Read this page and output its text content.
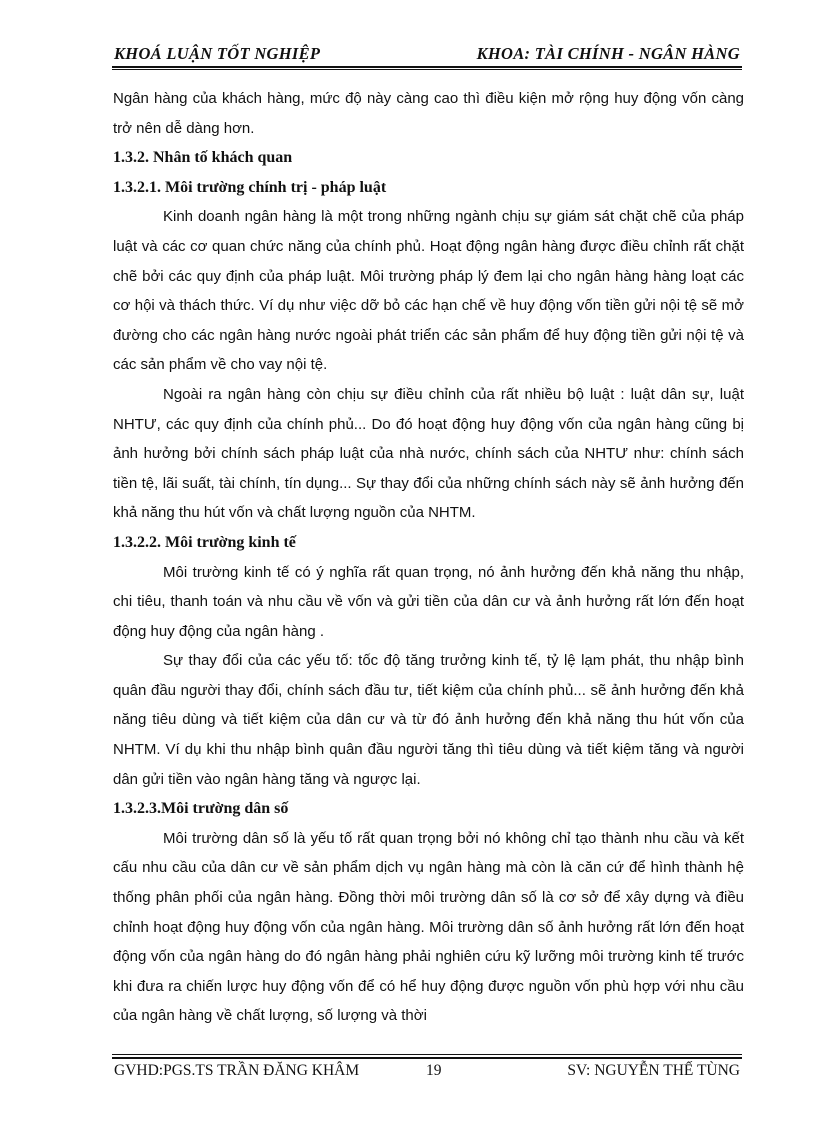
KHOÁ LUẬN TỐT NGHIỆP	KHOA: TÀI CHÍNH - NGÂN HÀNG

Ngân hàng của khách hàng, mức độ này càng cao thì điều kiện mở rộng huy động vốn càng trở nên dễ dàng hơn.

1.3.2. Nhân tố khách quan
1.3.2.1. Môi trường chính trị - pháp luật

Kinh doanh ngân hàng là một trong những ngành chịu sự giám sát chặt chẽ của pháp luật và các cơ quan chức năng của chính phủ. Hoạt động ngân hàng được điều chỉnh rất chặt chẽ bởi các quy định của pháp luật. Môi trường pháp lý đem lại cho ngân hàng hàng loạt các cơ hội và thách thức. Ví dụ như việc dỡ bỏ các hạn chế về huy động vốn tiền gửi nội tệ sẽ mở đường cho các ngân hàng nước ngoài phát triển các sản phẩm để huy động tiền gửi nội tệ và các sản phẩm về cho vay nội tệ.

Ngoài ra ngân hàng còn chịu sự điều chỉnh của rất nhiều bộ luật : luật dân sự, luật NHTƯ, các quy định của chính phủ... Do đó hoạt động huy động vốn của ngân hàng cũng bị ảnh hưởng bởi chính sách pháp luật của nhà nước, chính sách của NHTƯ như: chính sách tiền tệ, lãi suất, tài chính, tín dụng... Sự thay đổi của những chính sách này sẽ ảnh hưởng đến khả năng thu hút vốn và chất lượng nguồn của NHTM.

1.3.2.2. Môi trường kinh tế

Môi trường kinh tế có ý nghĩa rất quan trọng, nó ảnh hưởng đến khả năng thu nhập, chi tiêu, thanh toán và nhu cầu về vốn và gửi tiền của dân cư và ảnh hưởng rất lớn đến hoạt động huy động của ngân hàng .

Sự thay đổi của các yếu tố: tốc độ tăng trưởng kinh tế, tỷ lệ lạm phát, thu nhập bình quân đầu người thay đổi, chính sách đầu tư, tiết kiệm của chính phủ... sẽ ảnh hưởng đến khả năng tiêu dùng và tiết kiệm của dân cư và từ đó ảnh hưởng đến khả năng thu hút vốn của NHTM. Ví dụ khi thu nhập bình quân đầu người tăng thì tiêu dùng và tiết kiệm tăng và người dân gửi tiền vào ngân hàng tăng và ngược lại.

1.3.2.3.Môi trường dân số

Môi trường dân số là yếu tố rất quan trọng bởi nó không chỉ tạo thành nhu cầu và kết cấu nhu cầu của dân cư về sản phẩm dịch vụ ngân hàng mà còn là căn cứ để hình thành hệ thống phân phối của ngân hàng. Đồng thời môi trường dân số là cơ sở để xây dựng và điều chỉnh hoạt động huy động vốn của ngân hàng. Môi trường dân số ảnh hưởng rất lớn đến hoạt động vốn của ngân hàng do đó ngân hàng phải nghiên cứu kỹ lưỡng môi trường kinh tế trước khi đưa ra chiến lược huy động vốn để có hể huy động được nguồn vốn phù hợp với nhu cầu của ngân hàng về chất lượng, số lượng và thời

GVHD:PGS.TS TRẦN ĐĂNG KHÂM	19	SV: NGUYỄN THẾ TÙNG
